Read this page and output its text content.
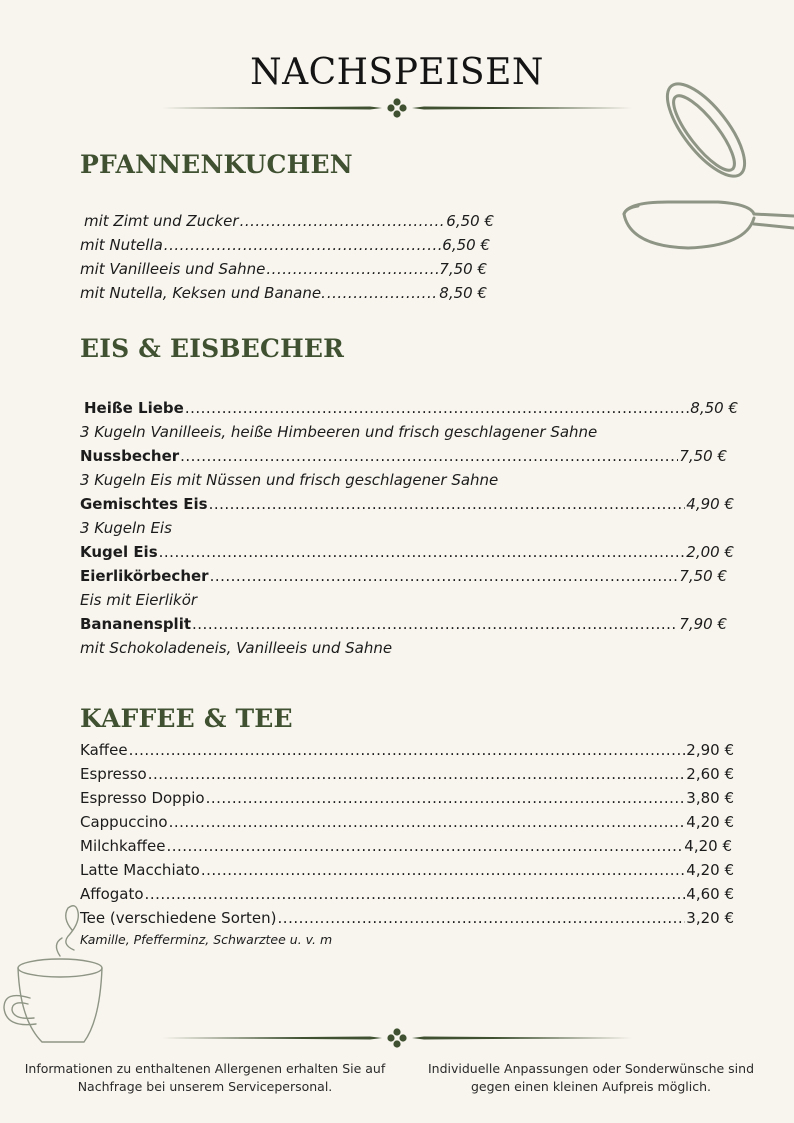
NACHSPEISEN
PFANNENKUCHEN
mit Zimt und Zucker .....	6,50 €
mit Nutella .....	6,50 €
mit Vanilleeis und Sahne .....	7,50 €
mit Nutella, Keksen und Banane. .....	8,50 €
EIS & EISBECHER
Heiße Liebe .....	8,50 €
3 Kugeln Vanilleeis, heiße Himbeeren und frisch geschlagener Sahne
Nussbecher .....	7,50 €
3 Kugeln Eis mit Nüssen und frisch geschlagener Sahne
Gemischtes Eis .....	4,90 €
3 Kugeln Eis
Kugel Eis .....	2,00 €
Eierlikörbecher .....	7,50 €
Eis mit Eierlikör
Bananensplit .....	7,90 €
mit Schokoladeneis, Vanilleeis und Sahne
KAFFEE & TEE
Kaffee .....	2,90 €
Espresso .....	2,60 €
Espresso Doppio .....	3,80 €
Cappuccino .....	4,20 €
Milchkaffee .....	4,20 €
Latte Macchiato .....	4,20 €
Affogato .....	4,60 €
Tee (verschiedene Sorten) .....	3,20 €
Kamille, Pfefferminz, Schwarztee u. v. m
Informationen zu enthaltenen Allergenen erhalten Sie auf Nachfrage bei unserem Servicepersonal.
Individuelle Anpassungen oder Sonderwünsche sind gegen einen kleinen Aufpreis möglich.
